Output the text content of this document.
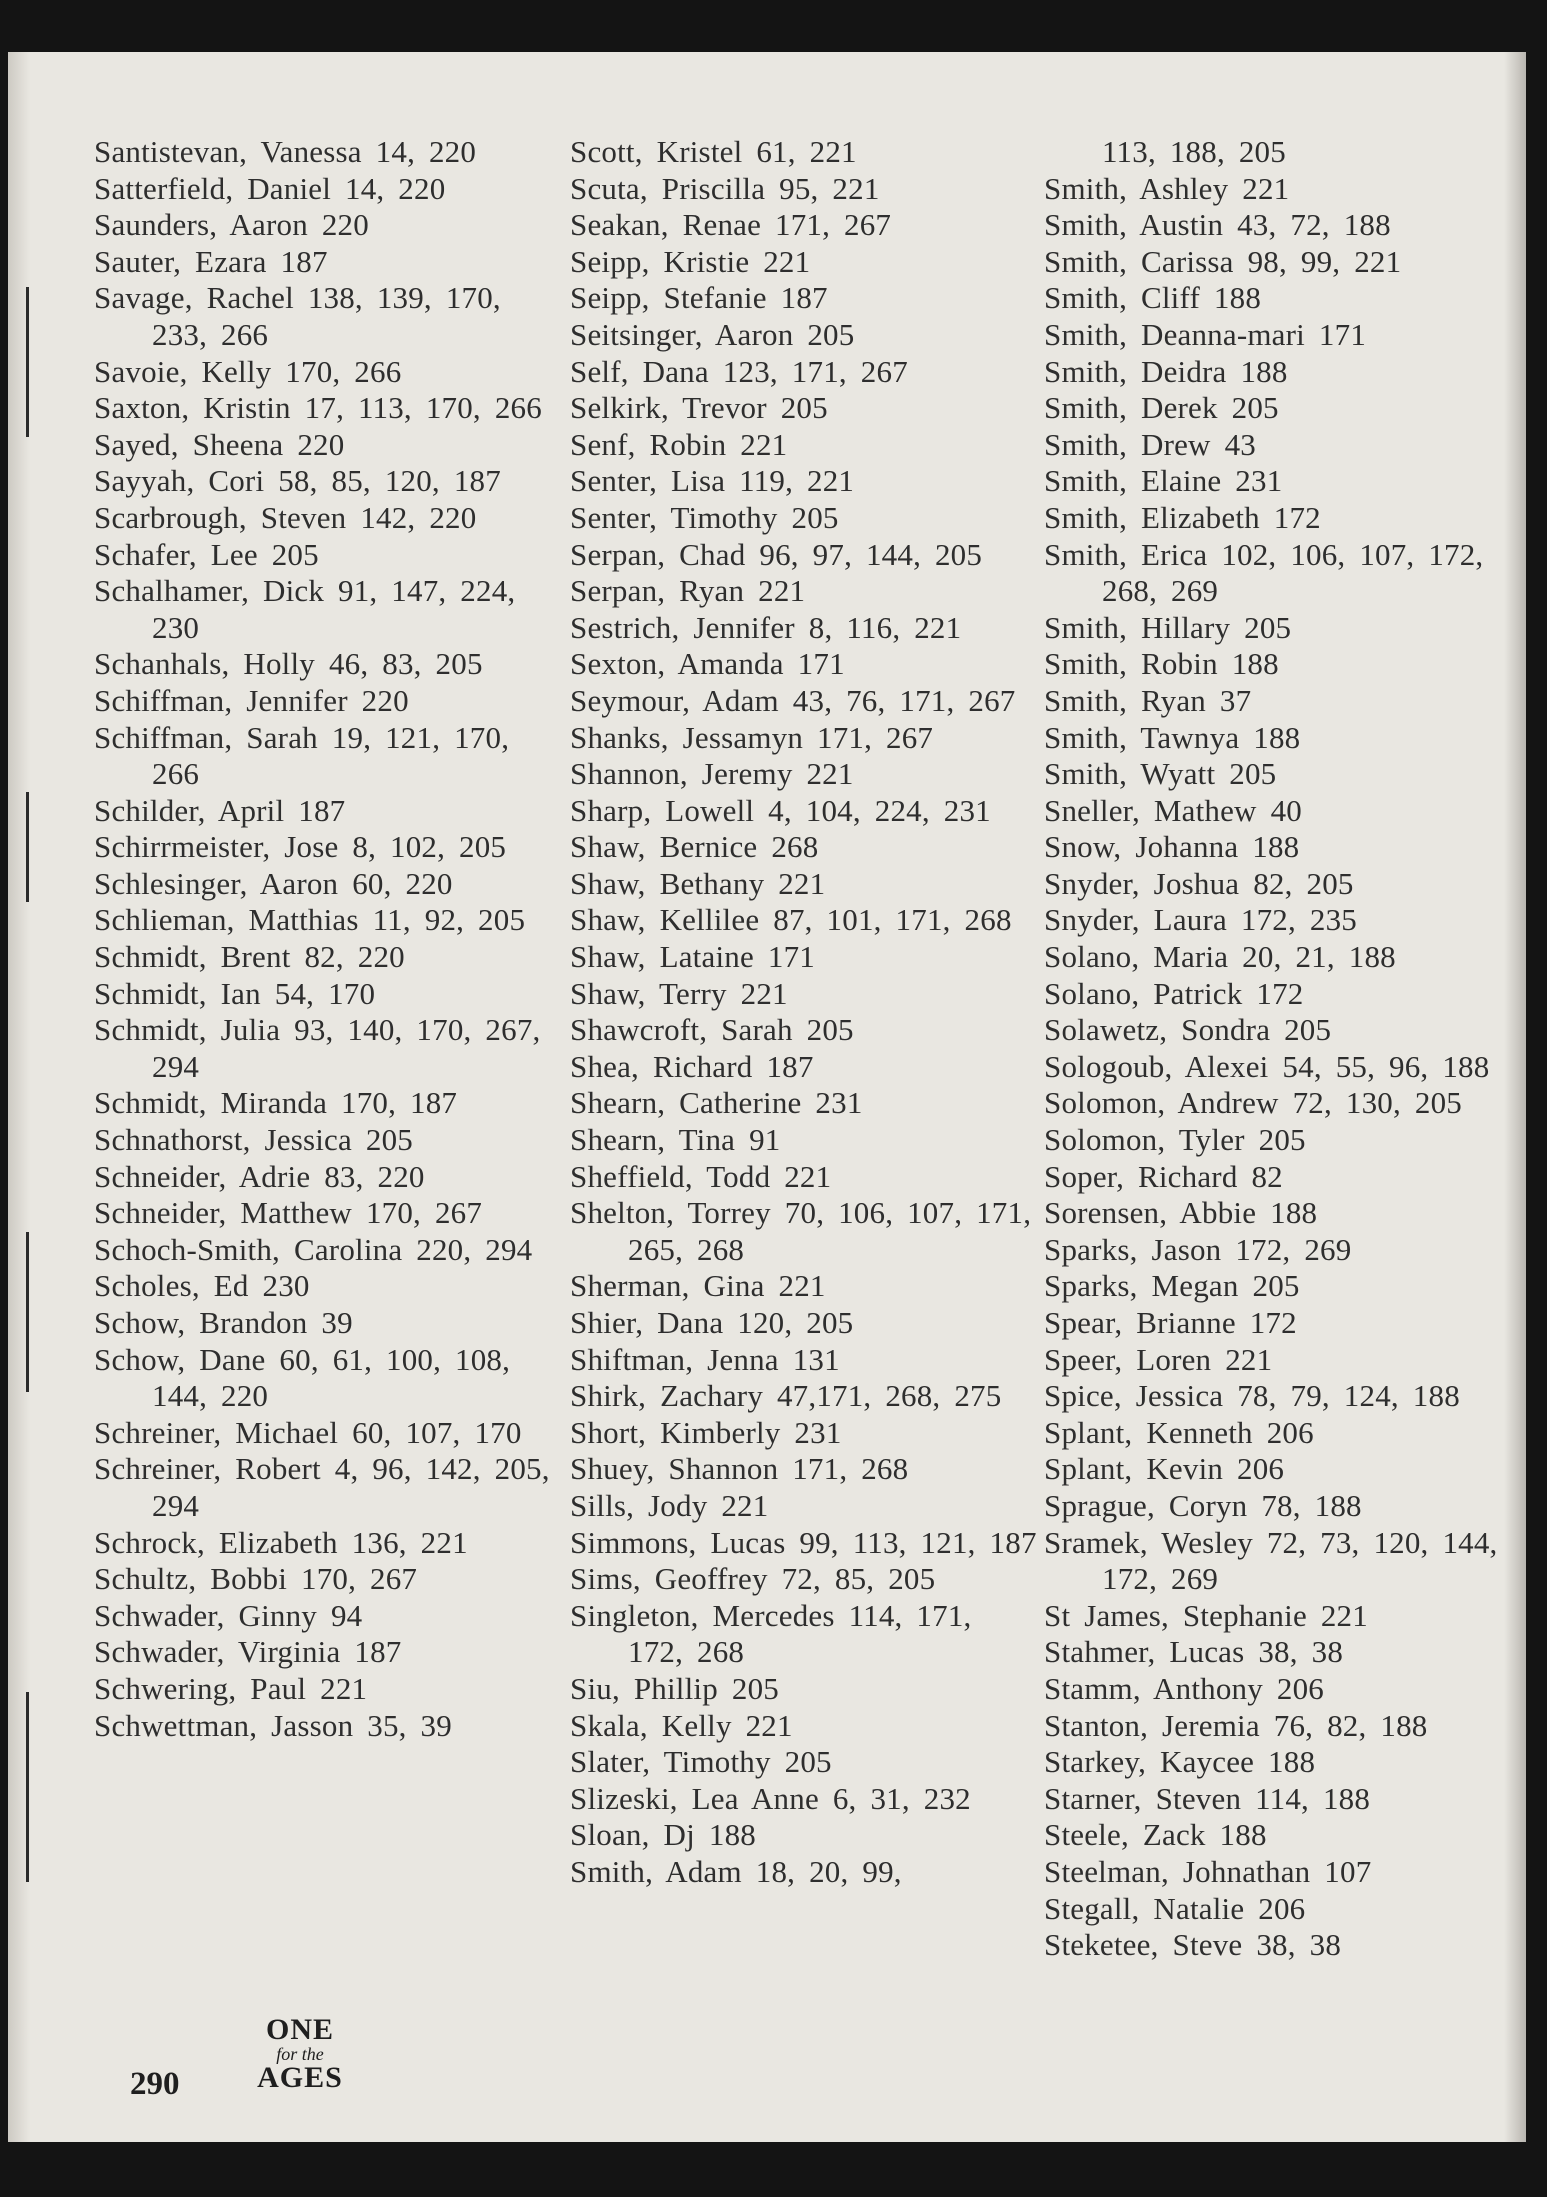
Santistevan, Vanessa 14, 220
Satterfield, Daniel 14, 220
Saunders, Aaron 220
Sauter, Ezara 187
Savage, Rachel 138, 139, 170, 233, 266
Savoie, Kelly 170, 266
Saxton, Kristin 17, 113, 170, 266
Sayed, Sheena 220
Sayyah, Cori 58, 85, 120, 187
Scarbrough, Steven 142, 220
Schafer, Lee 205
Schalhamer, Dick 91, 147, 224, 230
Schanhals, Holly 46, 83, 205
Schiffman, Jennifer 220
Schiffman, Sarah 19, 121, 170, 266
Schilder, April 187
Schirrmeister, Jose 8, 102, 205
Schlesinger, Aaron 60, 220
Schlieman, Matthias 11, 92, 205
Schmidt, Brent 82, 220
Schmidt, Ian 54, 170
Schmidt, Julia 93, 140, 170, 267, 294
Schmidt, Miranda 170, 187
Schnathorst, Jessica 205
Schneider, Adrie 83, 220
Schneider, Matthew 170, 267
Schoch-Smith, Carolina 220, 294
Scholes, Ed 230
Schow, Brandon 39
Schow, Dane 60, 61, 100, 108, 144, 220
Schreiner, Michael 60, 107, 170
Schreiner, Robert 4, 96, 142, 205, 294
Schrock, Elizabeth 136, 221
Schultz, Bobbi 170, 267
Schwader, Ginny 94
Schwader, Virginia 187
Schwering, Paul 221
Schwettman, Jasson 35, 39
Scott, Kristel 61, 221
Scuta, Priscilla 95, 221
Seakan, Renae 171, 267
Seipp, Kristie 221
Seipp, Stefanie 187
Seitsinger, Aaron 205
Self, Dana 123, 171, 267
Selkirk, Trevor 205
Senf, Robin 221
Senter, Lisa 119, 221
Senter, Timothy 205
Serpan, Chad 96, 97, 144, 205
Serpan, Ryan 221
Sestrich, Jennifer 8, 116, 221
Sexton, Amanda 171
Seymour, Adam 43, 76, 171, 267
Shanks, Jessamyn 171, 267
Shannon, Jeremy 221
Sharp, Lowell 4, 104, 224, 231
Shaw, Bernice 268
Shaw, Bethany 221
Shaw, Kellilee 87, 101, 171, 268
Shaw, Lataine 171
Shaw, Terry 221
Shawcroft, Sarah 205
Shea, Richard 187
Shearn, Catherine 231
Shearn, Tina 91
Sheffield, Todd 221
Shelton, Torrey 70, 106, 107, 171, 265, 268
Sherman, Gina 221
Shier, Dana 120, 205
Shiftman, Jenna 131
Shirk, Zachary 47,171, 268, 275
Short, Kimberly 231
Shuey, Shannon 171, 268
Sills, Jody 221
Simmons, Lucas 99, 113, 121, 187
Sims, Geoffrey 72, 85, 205
Singleton, Mercedes 114, 171, 172, 268
Siu, Phillip 205
Skala, Kelly 221
Slater, Timothy 205
Slizeski, Lea Anne 6, 31, 232
Sloan, Dj 188
Smith, Adam 18, 20, 99,
113, 188, 205
Smith, Ashley 221
Smith, Austin 43, 72, 188
Smith, Carissa 98, 99, 221
Smith, Cliff 188
Smith, Deanna-mari 171
Smith, Deidra 188
Smith, Derek 205
Smith, Drew 43
Smith, Elaine 231
Smith, Elizabeth 172
Smith, Erica 102, 106, 107, 172, 268, 269
Smith, Hillary 205
Smith, Robin 188
Smith, Ryan 37
Smith, Tawnya 188
Smith, Wyatt 205
Sneller, Mathew 40
Snow, Johanna 188
Snyder, Joshua 82, 205
Snyder, Laura 172, 235
Solano, Maria 20, 21, 188
Solano, Patrick 172
Solawetz, Sondra 205
Sologoub, Alexei 54, 55, 96, 188
Solomon, Andrew 72, 130, 205
Solomon, Tyler 205
Soper, Richard 82
Sorensen, Abbie 188
Sparks, Jason 172, 269
Sparks, Megan 205
Spear, Brianne 172
Speer, Loren 221
Spice, Jessica 78, 79, 124, 188
Splant, Kenneth 206
Splant, Kevin 206
Sprague, Coryn 78, 188
Sramek, Wesley 72, 73, 120, 144, 172, 269
St James, Stephanie 221
Stahmer, Lucas 38, 38
Stamm, Anthony 206
Stanton, Jeremia 76, 82, 188
Starkey, Kaycee 188
Starner, Steven 114, 188
Steele, Zack 188
Steelman, Johnathan 107
Stegall, Natalie 206
Steketee, Steve 38, 38
290
ONE
for the
AGES
